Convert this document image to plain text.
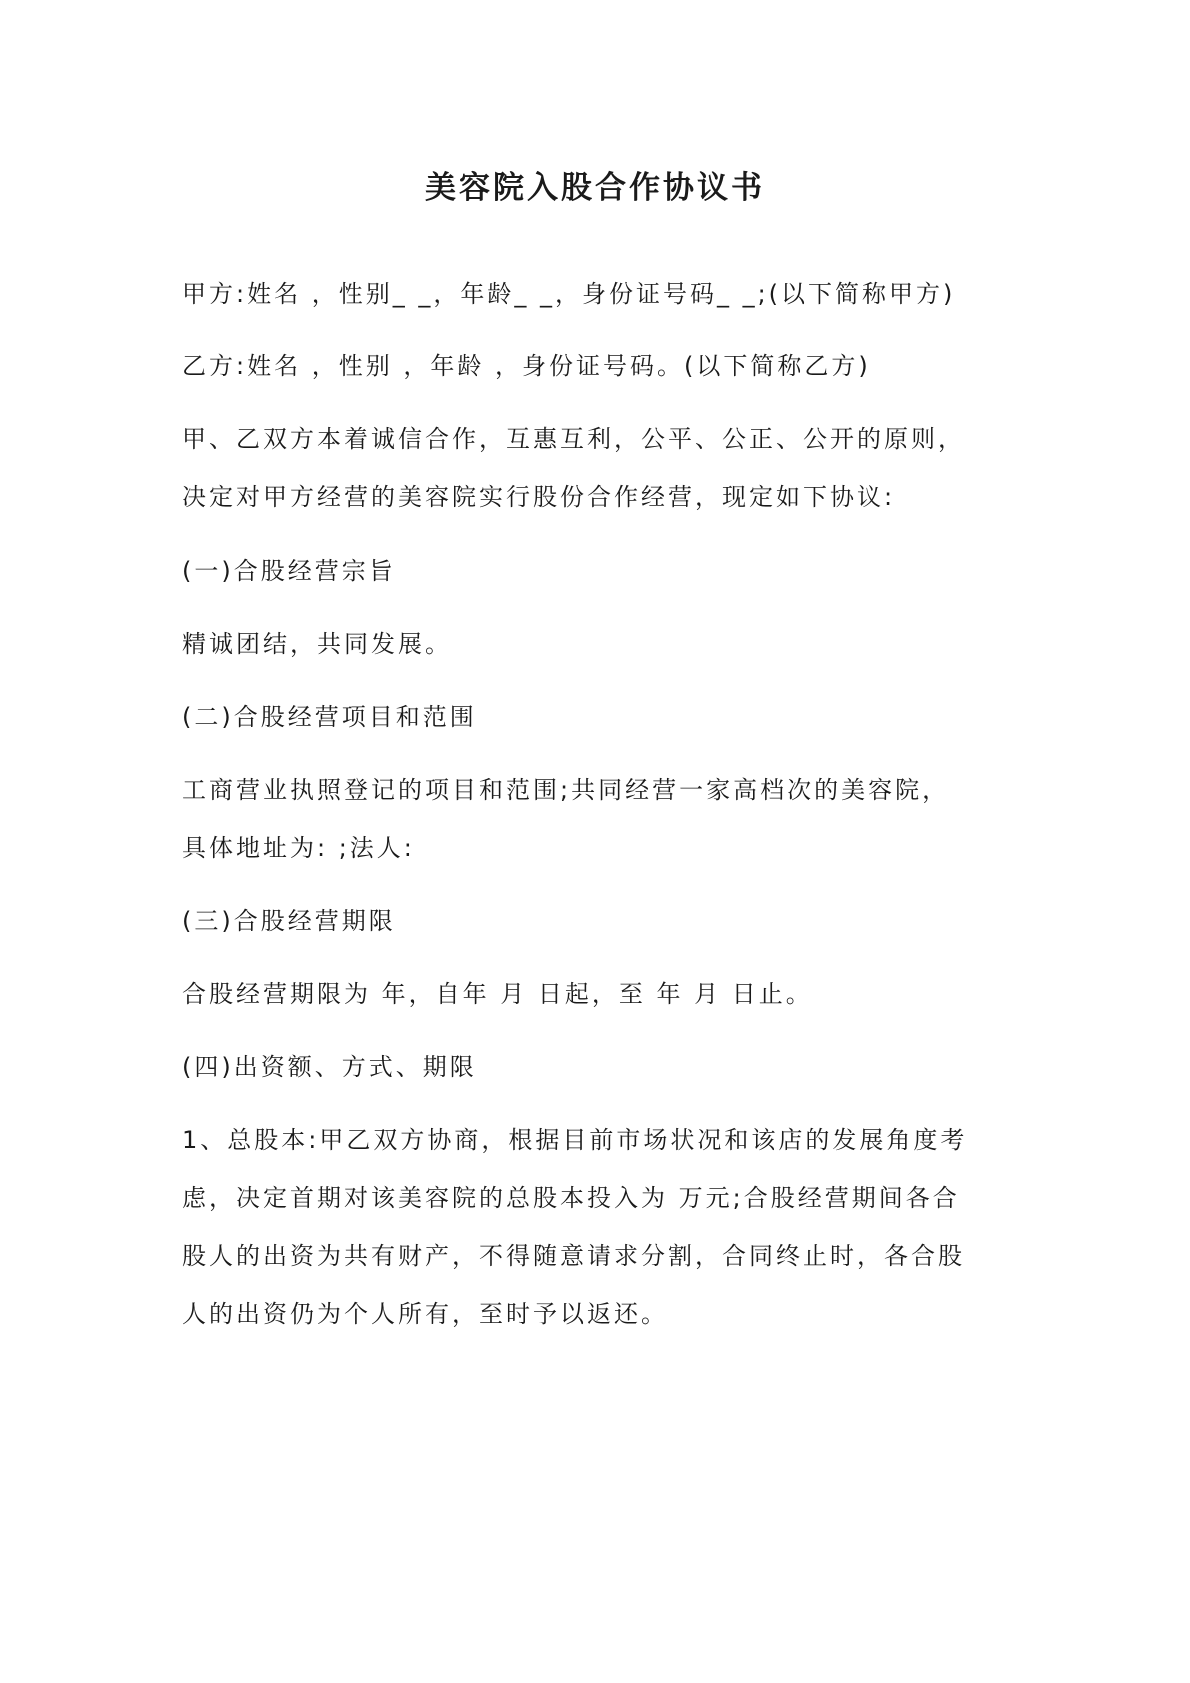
美容院入股合作协议书

甲方:姓名 ，性别_ _，年龄_ _，身份证号码_ _;(以下简称甲方)

乙方:姓名 ，性别 ，年龄 ，身份证号码。(以下简称乙方)

甲、乙双方本着诚信合作，互惠互利，公平、公正、公开的原则，

决定对甲方经营的美容院实行股份合作经营，现定如下协议:

(一)合股经营宗旨

精诚团结，共同发展。

(二)合股经营项目和范围

工商营业执照登记的项目和范围;共同经营一家高档次的美容院，

具体地址为: ;法人:

(三)合股经营期限

合股经营期限为 年，自年 月 日起，至 年 月 日止。

(四)出资额、方式、期限

1、总股本:甲乙双方协商，根据目前市场状况和该店的发展角度考

虑，决定首期对该美容院的总股本投入为 万元;合股经营期间各合

股人的出资为共有财产，不得随意请求分割，合同终止时，各合股

人的出资仍为个人所有，至时予以返还。
